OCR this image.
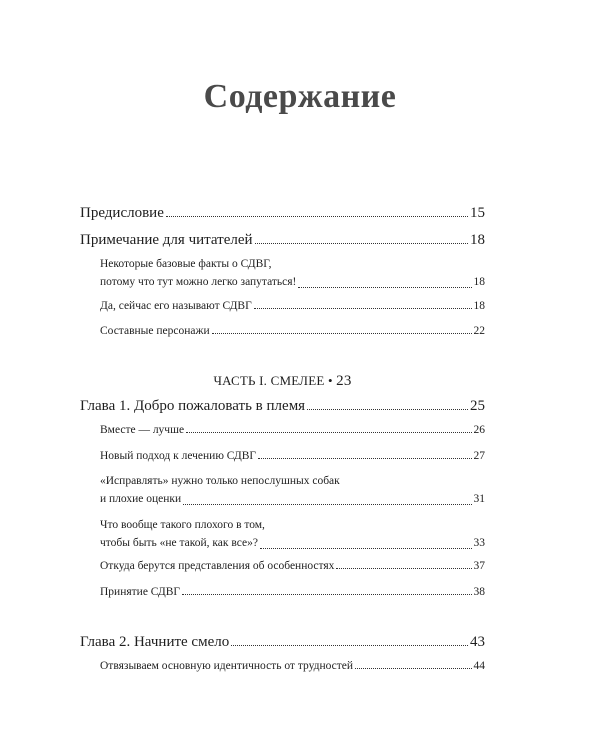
Содержание
Предисловие	15
Примечание для читателей	18
Некоторые базовые факты о СДВГ,
потому что тут можно легко запутаться!	18
Да, сейчас его называют СДВГ	18
Составные персонажи	22
ЧАСТЬ I. СМЕЛЕЕ • 23
Глава 1. Добро пожаловать в племя	25
Вместе — лучше	26
Новый подход к лечению СДВГ	27
«Исправлять» нужно только непослушных собак
и плохие оценки	31
Что вообще такого плохого в том,
чтобы быть «не такой, как все»?	33
Откуда берутся представления об особенностях	37
Принятие СДВГ	38
Глава 2. Начните смело	43
Отвязываем основную идентичность от трудностей	44
